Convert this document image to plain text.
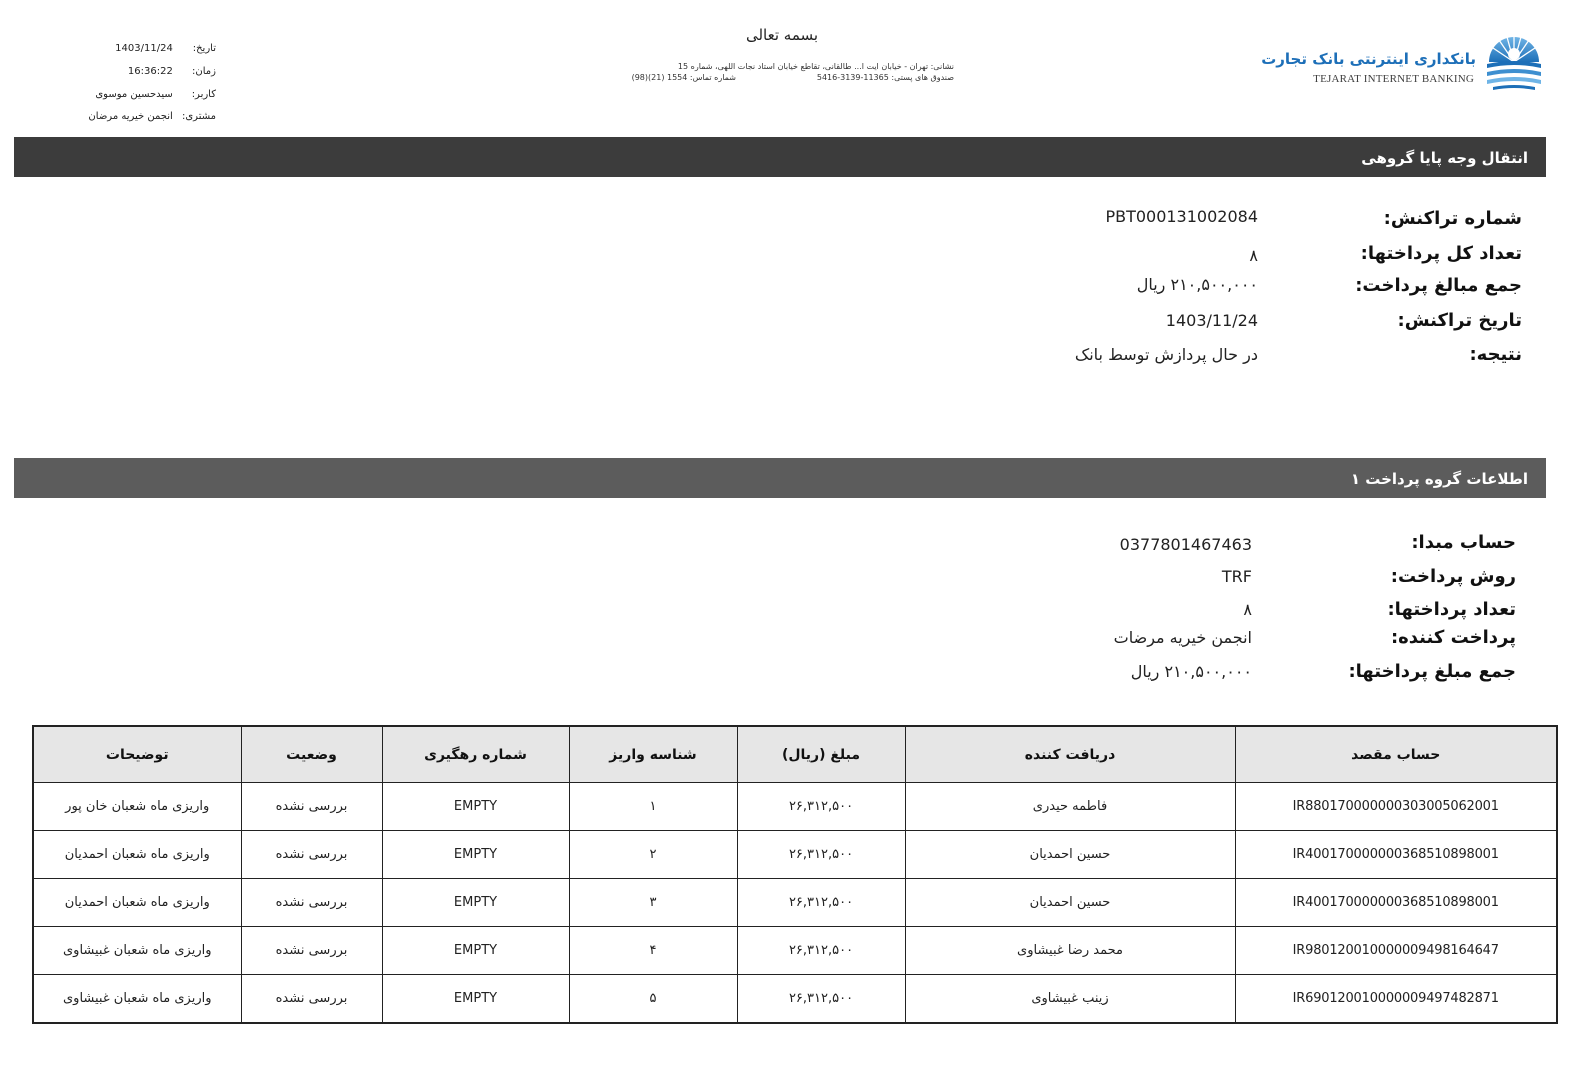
بانکداری اینترنتی بانک تجارت
TEJARAT INTERNET BANKING
بسمه تعالی
نشانی: تهران - خیابان ایت ا... طالقانی، تقاطع خیابان استاد نجات اللهی، شماره 15
صندوق های پستی: 11365-3139-5416
شماره تماس: 1554 (21)(98)
تاریخ: 1403/11/24
زمان: 16:36:22
کاربر: سیدحسین موسوی
مشتری: انجمن خیریه مرضان
انتقال وجه پایا گروهی
شماره تراکنش:
PBT000131002084
تعداد کل پرداختها:
۸
جمع مبالغ پرداخت:
۲۱۰,۵۰۰,۰۰۰ ریال
تاریخ تراکنش:
1403/11/24
نتیجه:
در حال پردازش توسط بانک
اطلاعات گروه پرداخت ۱
حساب مبدا:
0377801467463
روش پرداخت:
TRF
تعداد پرداختها:
۸
پرداخت کننده:
انجمن خیریه مرضات
جمع مبلغ پرداختها:
۲۱۰,۵۰۰,۰۰۰ ریال
حساب مقصد	دریافت کننده	مبلغ (ریال)	شناسه واریز	شماره رهگیری	وضعیت	توضیحات
IR880170000000303005062001	فاطمه حیدری	۲۶,۳۱۲,۵۰۰	۱	EMPTY	بررسی نشده	واریزی ماه شعبان خان پور
IR400170000000368510898001	حسین احمدیان	۲۶,۳۱۲,۵۰۰	۲	EMPTY	بررسی نشده	واریزی ماه شعبان احمدیان
IR400170000000368510898001	حسین احمدیان	۲۶,۳۱۲,۵۰۰	۳	EMPTY	بررسی نشده	واریزی ماه شعبان احمدیان
IR980120010000009498164647	محمد رضا غبیشاوی	۲۶,۳۱۲,۵۰۰	۴	EMPTY	بررسی نشده	واریزی ماه شعبان غبیشاوی
IR690120010000009497482871	زینب غبیشاوی	۲۶,۳۱۲,۵۰۰	۵	EMPTY	بررسی نشده	واریزی ماه شعبان غبیشاوی
